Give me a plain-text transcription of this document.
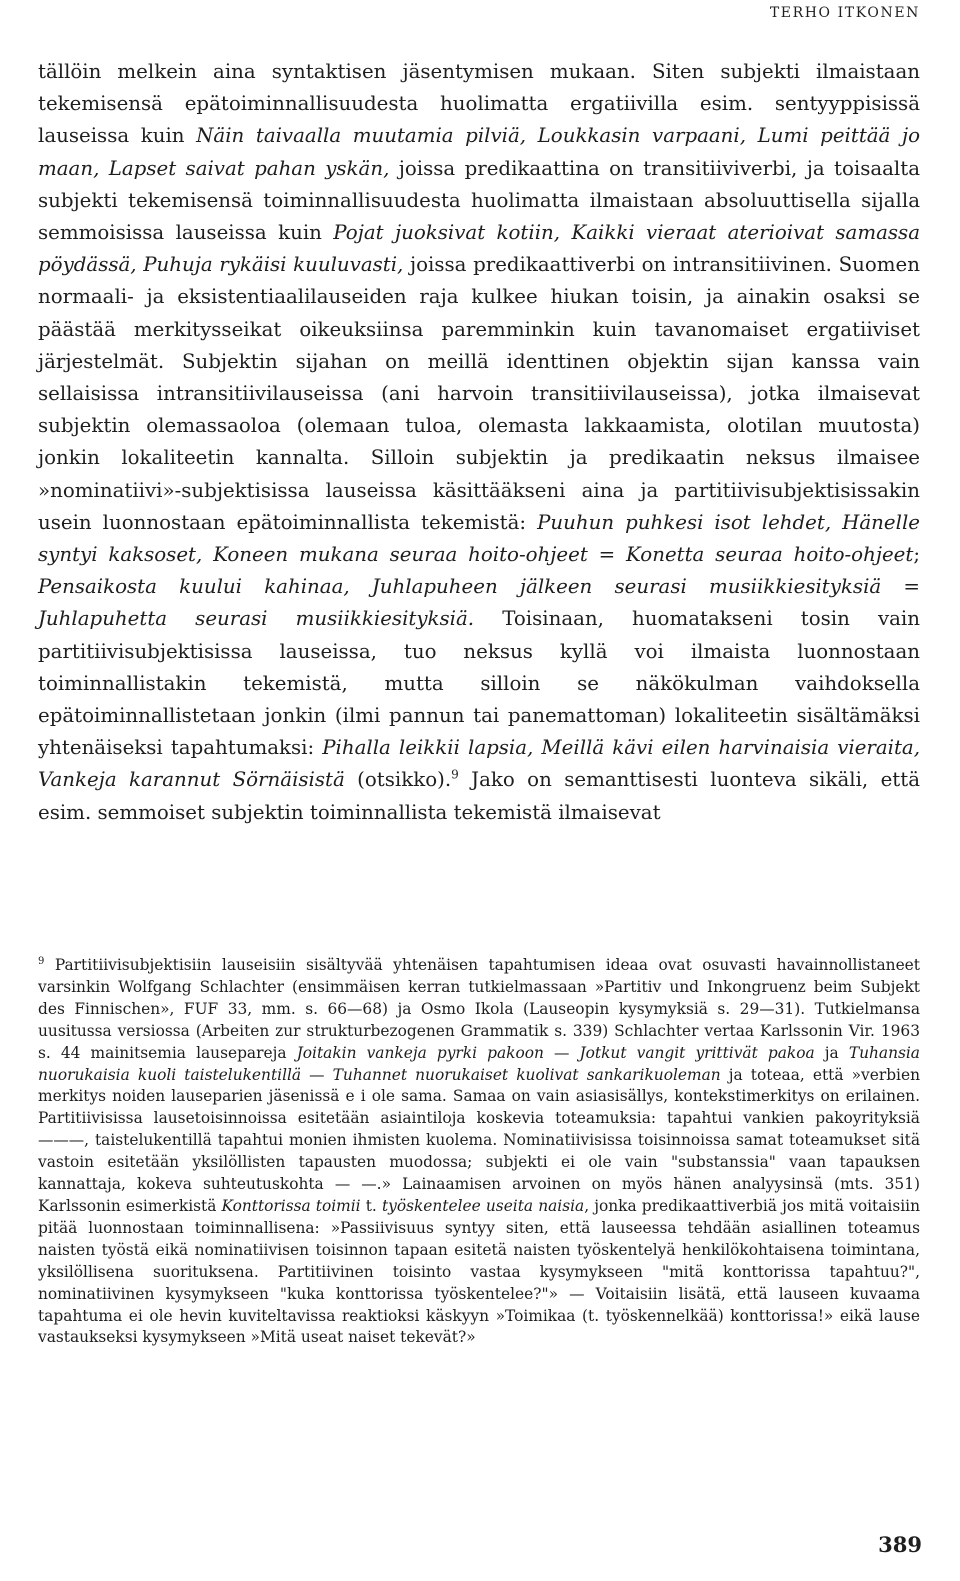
TERHO ITKONEN

tällöin melkein aina syntaktisen jäsentymisen mukaan. Siten subjekti ilmaistaan tekemisensä epätoiminnallisuudesta huolimatta ergatiivilla esim. sentyyppisissä lauseissa kuin Näin taivaalla muutamia pilviä, Loukkasin varpaani, Lumi peittää jo maan, Lapset saivat pahan yskän, joissa predikaattina on transitiiviverbi, ja toisaalta subjekti tekemisensä toiminnallisuudesta huolimatta ilmaistaan absoluuttisella sijalla semmoisissa lauseissa kuin Pojat juoksivat kotiin, Kaikki vieraat aterioivat samassa pöydässä, Puhuja rykäisi kuuluvasti, joissa predikaattiverbi on intransitiivinen. Suomen normaali- ja eksistentiaalilauseiden raja kulkee hiukan toisin, ja ainakin osaksi se päästää merkitysseikat oikeuksiinsa paremminkin kuin tavanomaiset ergatiiviset järjestelmät. Subjektin sijahan on meillä identtinen objektin sijan kanssa vain sellaisissa intransitiivilauseissa (ani harvoin transitiivilauseissa), jotka ilmaisevat subjektin olemassaoloa (olemaan tuloa, olemasta lakkaamista, olotilan muutosta) jonkin lokaliteetin kannalta. Silloin subjektin ja predikaatin neksus ilmaisee »nominatiivi»-subjektisissa lauseissa käsittääkseni aina ja partitiivisubjektisissakin usein luonnostaan epätoiminnallista tekemistä: Puuhun puhkesi isot lehdet, Hänelle syntyi kaksoset, Koneen mukana seuraa hoito-ohjeet = Konetta seuraa hoito-ohjeet; Pensaikosta kuului kahinaa, Juhlapuheen jälkeen seurasi musiikkiesityksiä = Juhlapuhetta seurasi musiikkiesityksiä. Toisinaan, huomatakseni tosin vain partitiivisubjektisissa lauseissa, tuo neksus kyllä voi ilmaista luonnostaan toiminnallistakin tekemistä, mutta silloin se näkökulman vaihdoksella epätoiminnallistetaan jonkin (ilmi pannun tai panemattoman) lokaliteetin sisältämäksi yhtenäiseksi tapahtumaksi: Pihalla leikkii lapsia, Meillä kävi eilen harvinaisia vieraita, Vankeja karannut Sörnäisistä (otsikko).$^9$ Jako on semanttisesti luonteva sikäli, että esim. semmoiset subjektin toiminnallista tekemistä ilmaisevat

$^9$ Partitiivisubjektisiin lauseisiin sisältyvää yhtenäisen tapahtumisen ideaa ovat osuvasti havainnollistaneet varsinkin Wolfgang Schlachter (ensimmäisen kerran tutkielmassaan »Partitiv und Inkongruenz beim Subjekt des Finnischen», FUF 33, mm. s. 66—68) ja Osmo Ikola (Lauseopin kysymyksiä s. 29—31). Tutkielmansa uusitussa versiossa (Arbeiten zur strukturbezogenen Grammatik s. 339) Schlachter vertaa Karlssonin Vir. 1963 s. 44 mainitsemia lausepareja Joitakin vankeja pyrki pakoon — Jotkut vangit yrittivät pakoa ja Tuhansia nuorukaisia kuoli taistelukentillä — Tuhannet nuorukaiset kuolivat sankarikuoleman ja toteaa, että »verbien merkitys noiden lauseparien jäsenissä e i ole sama. Samaa on vain asiasisällys, kontekstimerkitys on erilainen. Partitiivisissa lausetoisinnoissa esitetään asiaintiloja koskevia toteamuksia: tapahtui vankien pakoyrityksiä ———, taistelukentillä tapahtui monien ihmisten kuolema. Nominatiivisissa toisinnoissa samat toteamukset sitä vastoin esitetään yksilöllisten tapausten muodossa; subjekti ei ole vain "substanssia" vaan tapauksen kannattaja, kokeva suhteutuskohta — —.» Lainaamisen arvoinen on myös hänen analyysinsä (mts. 351) Karlssonin esimerkistä Konttorissa toimii t. työskentelee useita naisia, jonka predikaattiverbiä jos mitä voitaisiin pitää luonnostaan toiminnallisena: »Passiivisuus syntyy siten, että lauseessa tehdään asiallinen toteamus naisten työstä eikä nominatiivisen toisinnon tapaan esitetä naisten työskentelyä henkilökohtaisena toimintana, yksilöllisena suorituksena. Partitiivinen toisinto vastaa kysymykseen "mitä konttorissa tapahtuu?", nominatiivinen kysymykseen "kuka konttorissa työskentelee?"» — Voitaisiin lisätä, että lauseen kuvaama tapahtuma ei ole hevin kuviteltavissa reaktioksi käskyyn »Toimikaa (t. työskennelkää) konttorissa!» eikä lause vastaukseksi kysymykseen »Mitä useat naiset tekevät?»

389
